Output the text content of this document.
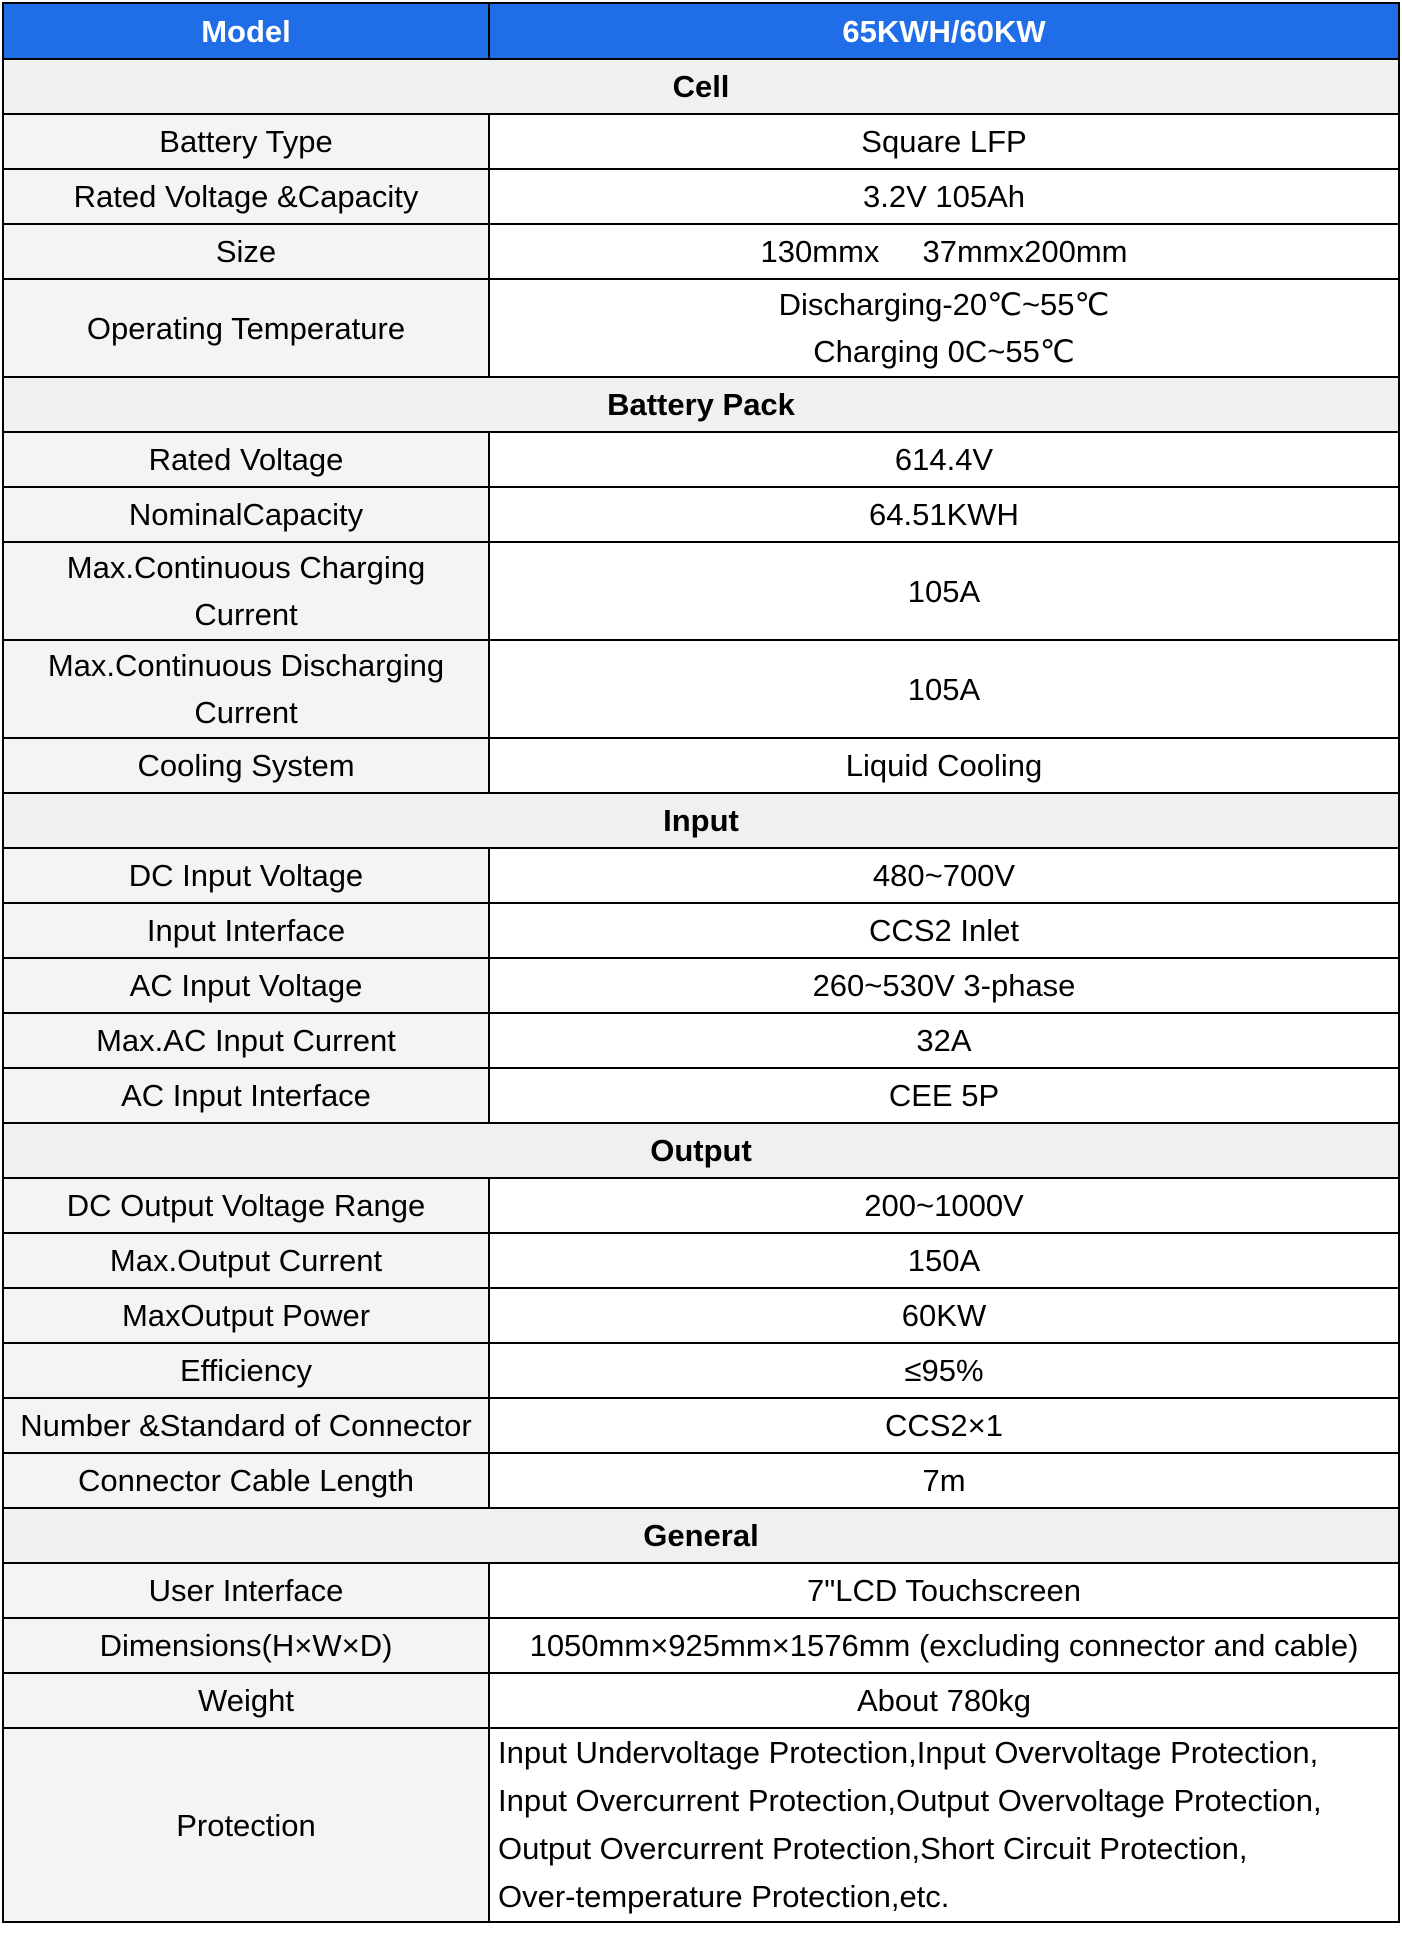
Model	65KWH/60KW
Cell	
Battery Type	Square LFP
Rated Voltage &Capacity	3.2V 105Ah
Size	130mmx     37mmx200mm
Operating Temperature	Discharging-20℃~55℃
Charging 0C~55℃

Battery Pack	
Rated Voltage	614.4V
NominalCapacity	64.51KWH

Max.Continuous Charging
Current	105A

Max.Continuous Discharging
Current	105A
Cooling System	Liquid Cooling
Input	
DC Input Voltage	480~700V
Input Interface	CCS2 Inlet
AC Input Voltage	260~530V 3-phase
Max.AC Input Current	32A
AC Input Interface	CEE 5P
Output	
DC Output Voltage Range	200~1000V
Max.Output Current	150A
MaxOutput Power	60KW
Efficiency	≤95%
Number &Standard of Connector	CCS2×1
Connector Cable Length	7m
General	
User Interface	7"LCD Touchscreen
Dimensions(H×W×D)	1050mm×925mm×1576mm (excluding connector and cable)
Weight	About 780kg
Protection	Input Undervoltage Protection,Input Overvoltage Protection,
Input Overcurrent Protection,Output Overvoltage Protection,
Output Overcurrent Protection,Short Circuit Protection,
Over-temperature Protection,etc.
